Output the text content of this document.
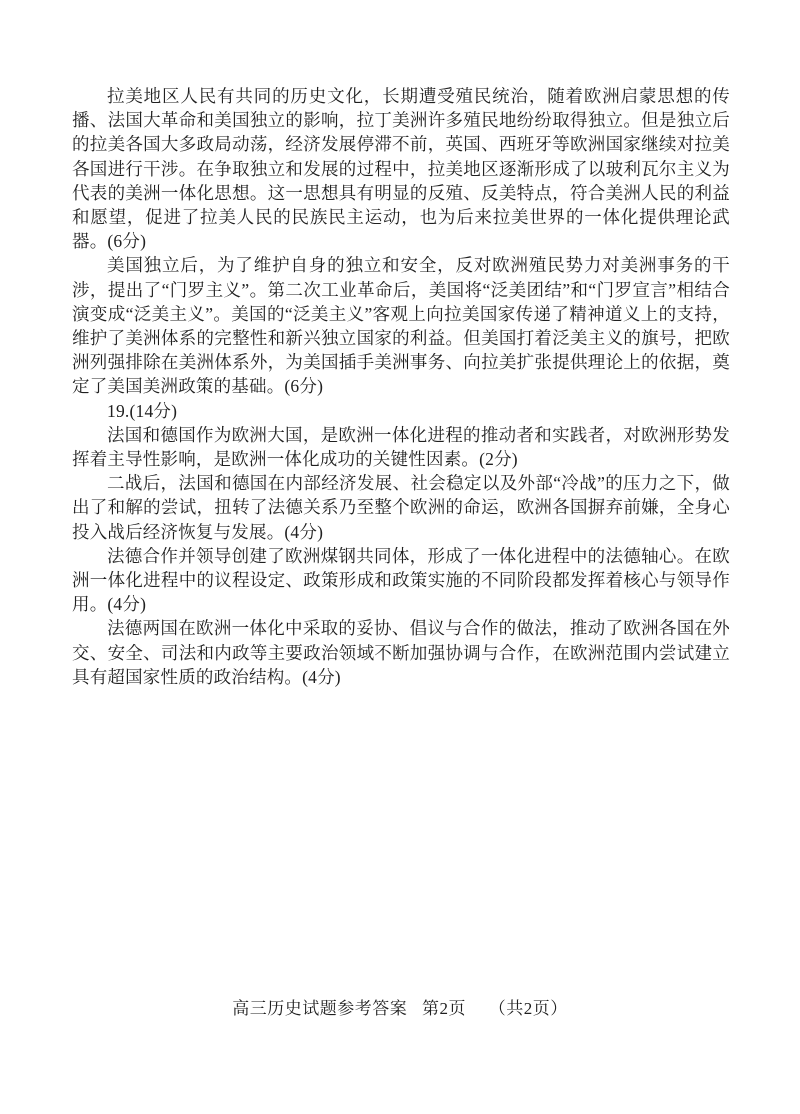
拉美地区人民有共同的历史文化，长期遭受殖民统治，随着欧洲启蒙思想的传播、法国大革命和美国独立的影响，拉丁美洲许多殖民地纷纷取得独立。但是独立后的拉美各国大多政局动荡，经济发展停滞不前，英国、西班牙等欧洲国家继续对拉美各国进行干涉。在争取独立和发展的过程中，拉美地区逐渐形成了以玻利瓦尔主义为代表的美洲一体化思想。这一思想具有明显的反殖、反美特点，符合美洲人民的利益和愿望，促进了拉美人民的民族民主运动，也为后来拉美世界的一体化提供理论武器。(6分)

美国独立后，为了维护自身的独立和安全，反对欧洲殖民势力对美洲事务的干涉，提出了“门罗主义”。第二次工业革命后，美国将“泛美团结”和“门罗宣言”相结合演变成“泛美主义”。美国的“泛美主义”客观上向拉美国家传递了精神道义上的支持，维护了美洲体系的完整性和新兴独立国家的利益。但美国打着泛美主义的旗号，把欧洲列强排除在美洲体系外，为美国插手美洲事务、向拉美扩张提供理论上的依据，奠定了美国美洲政策的基础。(6分)

19.(14分)

法国和德国作为欧洲大国，是欧洲一体化进程的推动者和实践者，对欧洲形势发挥着主导性影响，是欧洲一体化成功的关键性因素。(2分)

二战后，法国和德国在内部经济发展、社会稳定以及外部“冷战”的压力之下，做出了和解的尝试，扭转了法德关系乃至整个欧洲的命运，欧洲各国摒弃前嫌，全身心投入战后经济恢复与发展。(4分)

法德合作并领导创建了欧洲煤钢共同体，形成了一体化进程中的法德轴心。在欧洲一体化进程中的议程设定、政策形成和政策实施的不同阶段都发挥着核心与领导作用。(4分)

法德两国在欧洲一体化中采取的妥协、倡议与合作的做法，推动了欧洲各国在外交、安全、司法和内政等主要政治领域不断加强协调与合作，在欧洲范围内尝试建立具有超国家性质的政治结构。(4分)

高三历史试题参考答案 第2页 （共2页）
